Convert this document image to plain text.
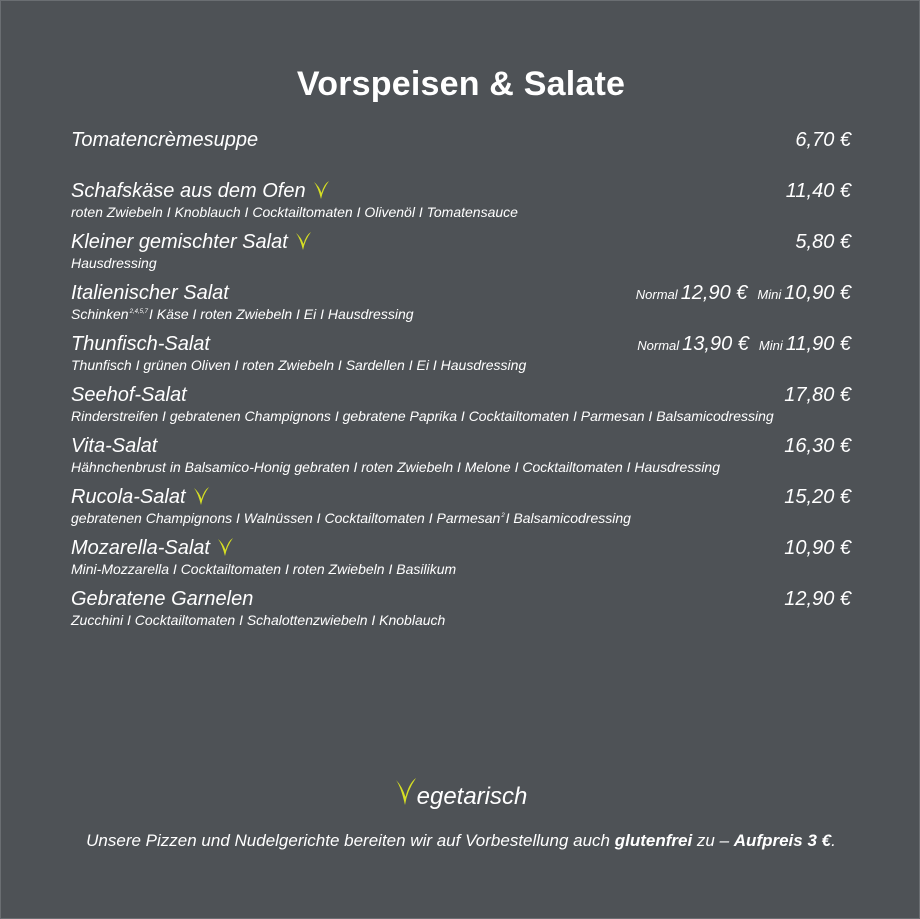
Vorspeisen & Salate
Tomatencrèmesuppe	6,70 €
Schafskäse aus dem Ofen	11,40 €
roten Zwiebeln I Knoblauch I Cocktailtomaten I Olivenöl I Tomatensauce
Kleiner gemischter Salat	5,80 €
Hausdressing
Italienischer Salat	Normal 12,90 € Mini 10,90 €
Schinken$^{2,4,5,7}$I Käse I roten Zwiebeln I Ei I Hausdressing
Thunfisch-Salat	Normal 13,90 € Mini 11,90 €
Thunfisch I grünen Oliven I roten Zwiebeln I Sardellen I Ei I Hausdressing
Seehof-Salat	17,80 €
Rinderstreifen I gebratenen Champignons I gebratene Paprika I Cocktailtomaten I Parmesan I Balsamicodressing
Vita-Salat	16,30 €
Hähnchenbrust in Balsamico-Honig gebraten I roten Zwiebeln I Melone I Cocktailtomaten I Hausdressing
Rucola-Salat	15,20 €
gebratenen Champignons I Walnüssen I Cocktailtomaten I Parmesan$^2$I Balsamicodressing
Mozarella-Salat	10,90 €
Mini-Mozzarella I Cocktailtomaten I roten Zwiebeln I Basilikum
Gebratene Garnelen	12,90 €
Zucchini I Cocktailtomaten I Schalottenzwiebeln I Knoblauch
egetarisch
Unsere Pizzen und Nudelgerichte bereiten wir auf Vorbestellung auch glutenfrei zu – Aufpreis 3 €.
